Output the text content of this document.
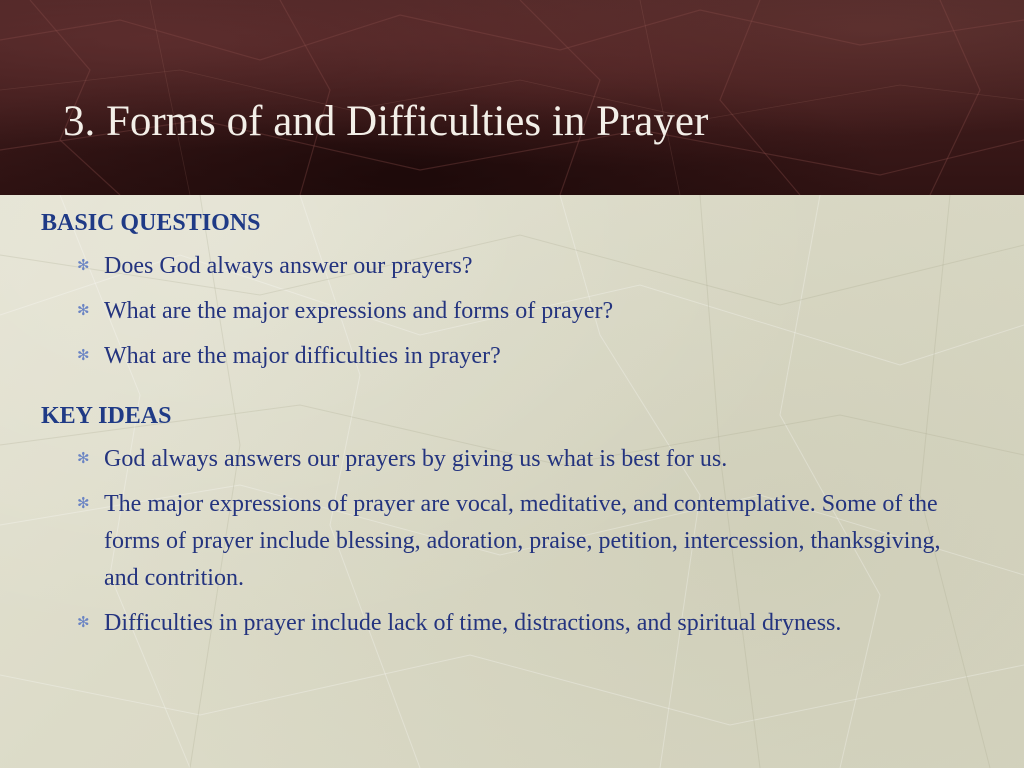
3. Forms of and Difficulties in Prayer
BASIC QUESTIONS
✻ Does God always answer our prayers?
✻ What are the major expressions and forms of prayer?
✻ What are the major difficulties in prayer?
KEY IDEAS
✻ God always answers our prayers by giving us what is best for us.
✻ The major expressions of prayer are vocal, meditative, and contemplative. Some of the forms of prayer include blessing, adoration, praise, petition, intercession, thanksgiving, and contrition.
✻ Difficulties in prayer include lack of time, distractions, and spiritual dryness.
